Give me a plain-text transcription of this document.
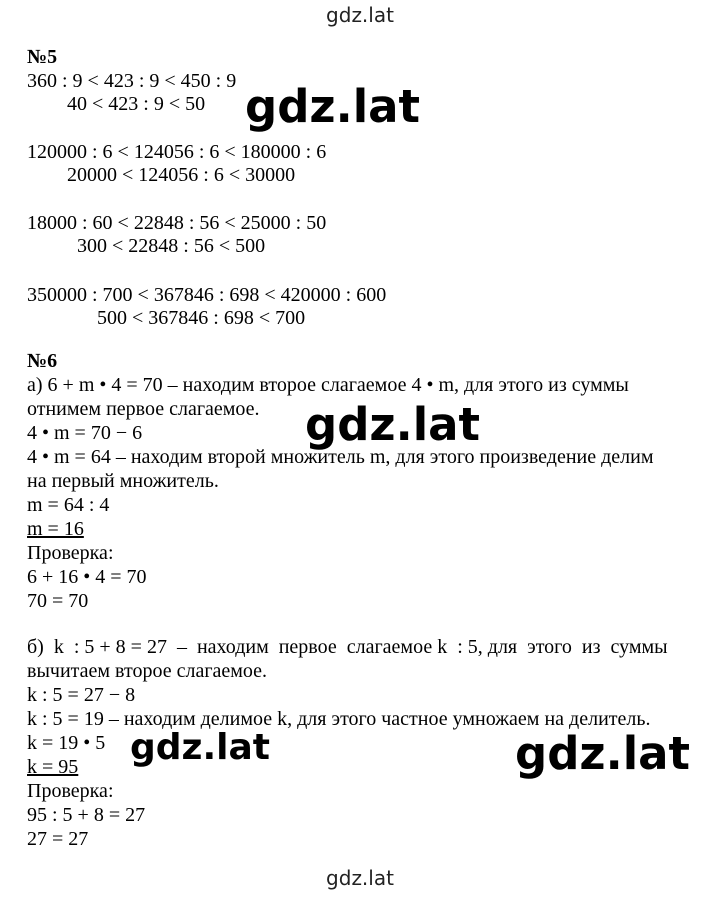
gdz.lat
№5
360 : 9 < 423 : 9 < 450 : 9
40 < 423 : 9 < 50
120000 : 6 < 124056 : 6 < 180000 : 6
20000 < 124056 : 6 < 30000
18000 : 60 < 22848 : 56 < 25000 : 50
300 < 22848 : 56 < 500
350000 : 700 < 367846 : 698 < 420000 : 600
500 < 367846 : 698 < 700
№6
а) 6 + m • 4 = 70 – находим второе слагаемое 4 • m, для этого из суммы
отнимем первое слагаемое.
4 • m = 70 − 6
4 • m = 64 – находим второй множитель m, для этого произведение делим
на первый множитель.
m = 64 : 4
m = 16
Проверка:
6 + 16 • 4 = 70
70 = 70
б)  k  : 5 + 8 = 27  –  находим  первое  слагаемое k  : 5, для  этого  из  суммы
вычитаем второе слагаемое.
k : 5 = 27 − 8
k : 5 = 19 – находим делимое k, для этого частное умножаем на делитель.
k = 19 • 5
k = 95
Проверка:
95 : 5 + 8 = 27
27 = 27
gdz.lat
gdz.lat
gdz.lat	gdz.lat
gdz.lat
